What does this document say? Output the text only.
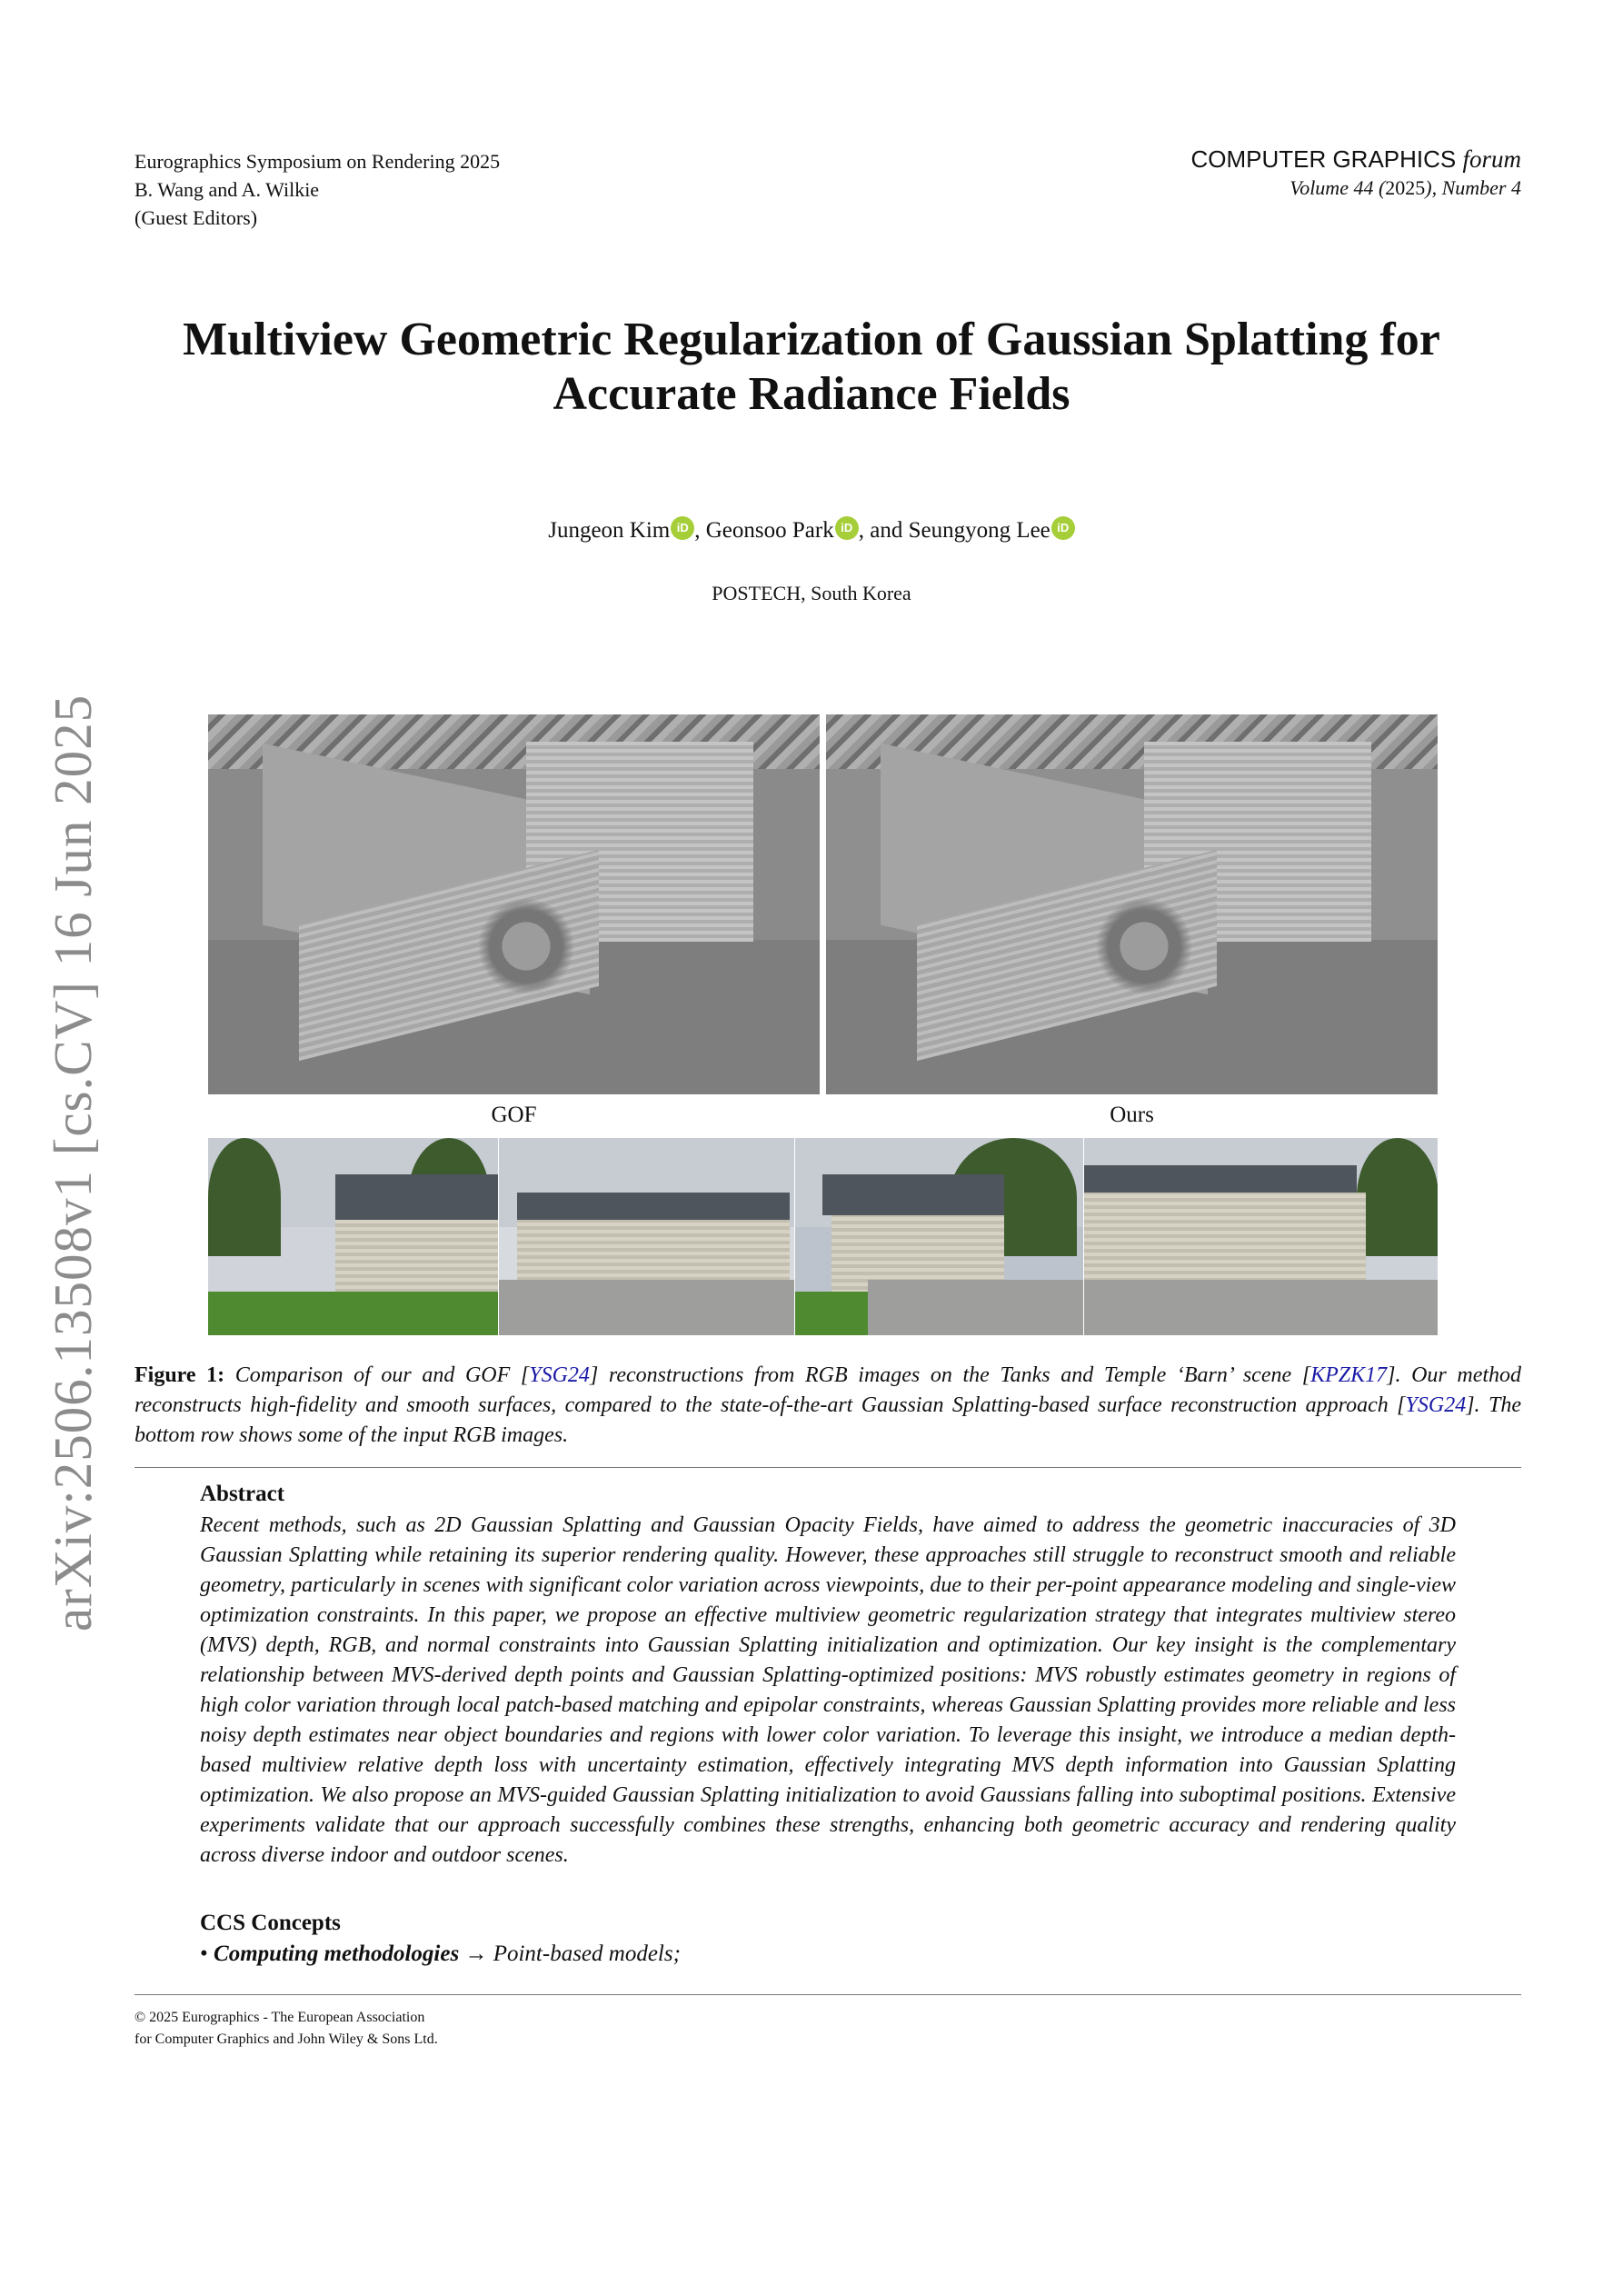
Eurographics Symposium on Rendering 2025
B. Wang and A. Wilkie
(Guest Editors)
COMPUTER GRAPHICS forum
Volume 44 (2025), Number 4
Multiview Geometric Regularization of Gaussian Splatting for
Accurate Radiance Fields
Jungeon Kim iD , Geonsoo Park iD , and Seungyong Lee iD
POSTECH, South Korea
arXiv:2506.13508v1 [cs.CV] 16 Jun 2025	GOF	Ours
Figure 1: Comparison of our and GOF [YSG24] reconstructions from RGB images on the Tanks and Temple ‘Barn’ scene [KPZK17]. Our method reconstructs high-fidelity and smooth surfaces, compared to the state-of-the-art Gaussian Splatting-based surface reconstruction approach [YSG24]. The bottom row shows some of the input RGB images.
Abstract
Recent methods, such as 2D Gaussian Splatting and Gaussian Opacity Fields, have aimed to address the geometric inaccuracies of 3D Gaussian Splatting while retaining its superior rendering quality. However, these approaches still struggle to reconstruct smooth and reliable geometry, particularly in scenes with significant color variation across viewpoints, due to their per-point appearance modeling and single-view optimization constraints. In this paper, we propose an effective multiview geometric regularization strategy that integrates multiview stereo (MVS) depth, RGB, and normal constraints into Gaussian Splatting initialization and optimization. Our key insight is the complementary relationship between MVS-derived depth points and Gaussian Splatting-optimized positions: MVS robustly estimates geometry in regions of high color variation through local patch-based matching and epipolar constraints, whereas Gaussian Splatting provides more reliable and less noisy depth estimates near object boundaries and regions with lower color variation. To leverage this insight, we introduce a median depth-based multiview relative depth loss with uncertainty estimation, effectively integrating MVS depth information into Gaussian Splatting optimization. We also propose an MVS-guided Gaussian Splatting initialization to avoid Gaussians falling into suboptimal positions. Extensive experiments validate that our approach successfully combines these strengths, enhancing both geometric accuracy and rendering quality across diverse indoor and outdoor scenes.
CCS Concepts
• Computing methodologies → Point-based models;
© 2025 Eurographics - The European Association
for Computer Graphics and John Wiley & Sons Ltd.
